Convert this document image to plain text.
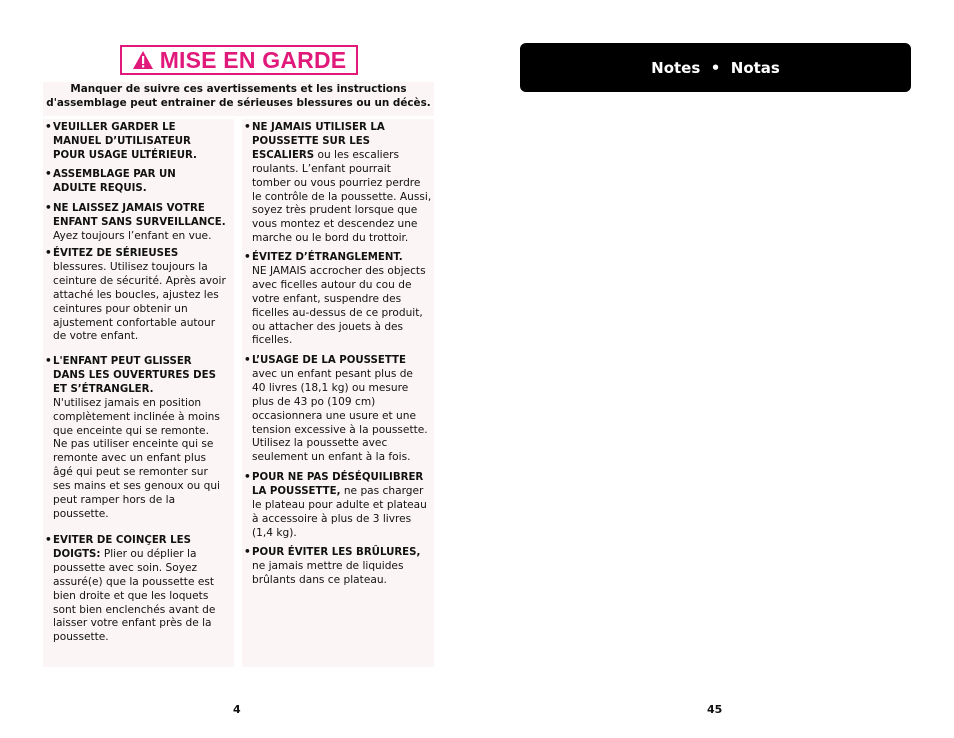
MISE EN GARDE
Manquer de suivre ces avertissements et les instructions
d'assemblage peut entrainer de sérieuses blessures ou un décès.
• VEUILLER GARDER LE MANUEL D’UTILISATEUR POUR USAGE ULTÉRIEUR.
• ASSEMBLAGE PAR UN ADULTE REQUIS.
• NE LAISSEZ JAMAIS VOTRE ENFANT SANS SURVEILLANCE. Ayez toujours l’enfant en vue.
• ÉVITEZ DE SÉRIEUSES
blessures. Utilisez toujours la ceinture de sécurité. Après avoir attaché les boucles, ajustez les ceintures pour obtenir un ajustement confortable autour de votre enfant.
• L'ENFANT PEUT GLISSER DANS LES OUVERTURES DES ET S’ÉTRANGLER.
N'utilisez jamais en position complètement inclinée à moins que enceinte qui se remonte. Ne pas utiliser enceinte qui se remonte avec un enfant plus âgé qui peut se remonter sur ses mains et ses genoux ou qui peut ramper hors de la poussette.
• EVITER DE COINÇER LES DOIGTS: Plier ou déplier la poussette avec soin. Soyez assuré(e) que la poussette est bien droite et que les loquets sont bien enclenchés avant de laisser votre enfant près de la poussette.
• NE JAMAIS UTILISER LA POUSSETTE SUR LES ESCALIERS ou les escaliers roulants. L’enfant pourrait tomber ou vous pourriez perdre le contrôle de la poussette. Aussi, soyez très prudent lorsque que vous montez et descendez une marche ou le bord du trottoir.
• ÉVITEZ D’ÉTRANGLEMENT.
NE JAMAIS accrocher des objects avec ficelles autour du cou de votre enfant, suspendre des ficelles au-dessus de ce produit, ou attacher des jouets à des ficelles.
• L’USAGE DE LA POUSSETTE
avec un enfant pesant plus de 40 livres (18,1 kg) ou mesure plus de 43 po (109 cm) occasionnera une usure et une tension excessive à la poussette. Utilisez la poussette avec seulement un enfant à la fois.
• POUR NE PAS DÉSÉQUILIBRER LA POUSSETTE, ne pas charger le plateau pour adulte et plateau à accessoire à plus de 3 livres (1,4 kg).
• POUR ÉVITER LES BRÛLURES, ne jamais mettre de liquides brûlants dans ce plateau.
Notes  •  Notas
4	45
